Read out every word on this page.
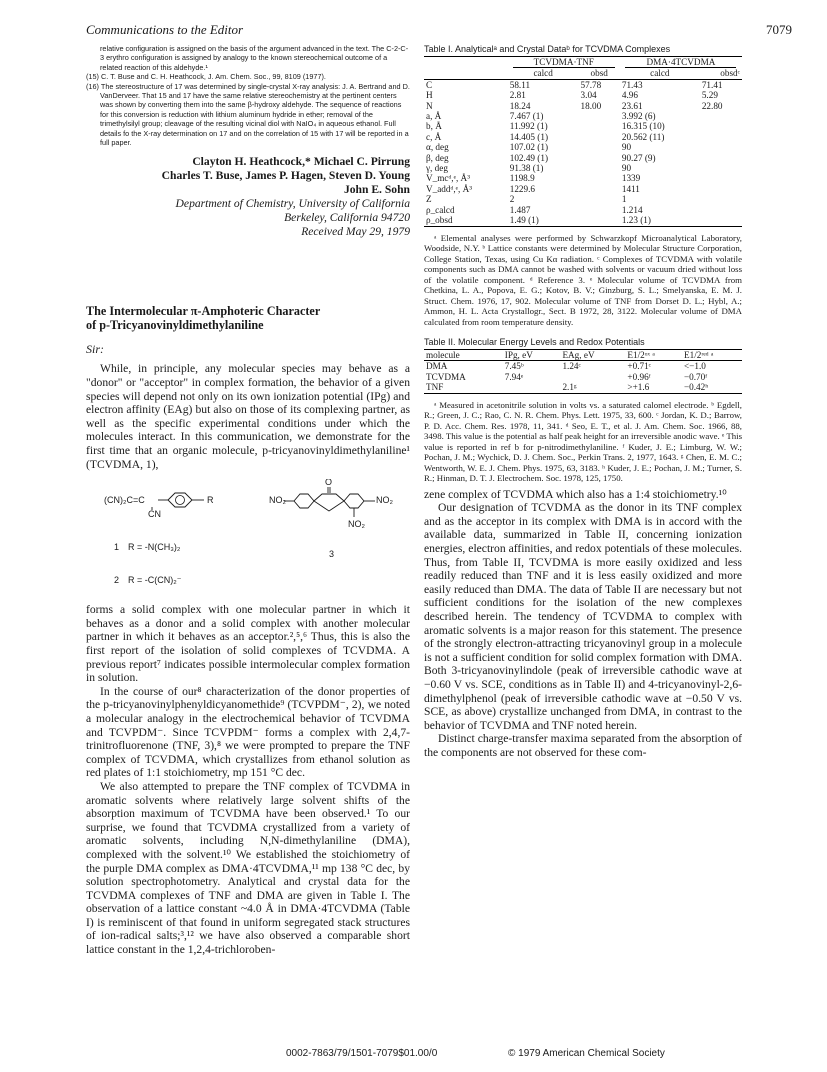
Communications to the Editor	7079

relative configuration is assigned on the basis of the argument advanced in the text. The C-2-C-3 erythro configuration is assigned by analogy to the known stereochemical outcome of a related reaction of this aldehyde.¹

(15) C. T. Buse and C. H. Heathcock, J. Am. Chem. Soc., 99, 8109 (1977).

(16) The stereostructure of 17 was determined by single-crystal X-ray analysis: J. A. Bertrand and D. VanDerveer. That 15 and 17 have the same relative stereochemistry at the pertinent centers was shown by converting them into the same β-hydroxy aldehyde. The sequence of reactions for this conversion is reduction with lithium aluminum hydride in ether; removal of the trimethylsilyl group; cleavage of the resulting vicinal diol with NaIO₄ in aqueous ethanol. Full details fo the X-ray determination on 17 and on the correlation of 15 with 17 will be reported in a full paper.

Clayton H. Heathcock,* Michael C. Pirrung
Charles T. Buse, James P. Hagen, Steven D. Young
John E. Sohn
Department of Chemistry, University of California
Berkeley, California 94720
Received May 29, 1979
The Intermolecular π-Amphoteric Character
of p-Tricyanovinyldimethylaniline
Sir:

While, in principle, any molecular species may behave as a "donor" or "acceptor" in complex formation, the behavior of a given species will depend not only on its own ionization potential (IPg) and electron affinity (EAg) but also on those of its complexing partner, as well as the specific experimental conditions under which the molecules interact. In this communication, we demonstrate for the first time that an organic molecule, p-tricyanovinyldimethylaniline¹ (TCVDMA, 1),

(CN)₂C=C
CN
R
1 R = -N(CH₃)₂
2 R = -C(CN)₂⁻
NO₂
O
NO₂
NO₂
3

forms a solid complex with one molecular partner in which it behaves as a donor and a solid complex with another molecular partner in which it behaves as an acceptor.²,⁵,⁶ Thus, this is also the first report of the isolation of solid complexes of TCVDMA. A previous report⁷ indicates possible intermolecular complex formation in solution.

In the course of our⁸ characterization of the donor properties of the p-tricyanovinylphenyldicyanomethide⁹ (TCVPDM⁻, 2), we noted a molecular analogy in the electrochemical behavior of TCVDMA and TCVPDM⁻. Since TCVPDM⁻ forms a complex with 2,4,7-trinitrofluorenone (TNF, 3),⁸ we were prompted to prepare the TNF complex of TCVDMA, which crystallizes from ethanol solution as red plates of 1:1 stoichiometry, mp 151 °C dec.

We also attempted to prepare the TNF complex of TCVDMA in aromatic solvents where relatively large solvent shifts of the absorption maximum of TCVDMA have been observed.¹ To our surprise, we found that TCVDMA crystallized from a variety of aromatic solvents, including N,N-dimethylaniline (DMA), complexed with the solvent.¹⁰ We established the stoichiometry of the purple DMA complex as DMA·4TCVDMA,¹¹ mp 138 °C dec, by solution spectrophotometry. Analytical and crystal data for the TCVDMA complexes of TNF and DMA are given in Table I. The observation of a lattice constant ~4.0 Å in DMA·4TCVDMA (Table I) is reminiscent of that found in uniform segregated stack structures of ion-radical salts;³,¹² we have also observed a comparable short lattice constant in the 1,2,4-trichloroben-

Table I. Analyticalᵃ and Crystal Dataᵇ for TCVDMA Complexes
	TCVDMA·TNF		DMA·4TCVDMA	
	calcd	obsd	calcd	obsdᶜ
C	58.11	57.78	71.43	71.41
H	2.81	3.04	4.96	5.29
N	18.24	18.00	23.61	22.80
a, Å	7.467 (1)		3.992 (6)	
b, Å	11.992 (1)		16.315 (10)	
c, Å	14.405 (1)		20.562 (11)	
α, deg	107.02 (1)		90	
β, deg	102.49 (1)		90.27 (9)	
γ, deg	91.38 (1)		90	
V_mcᵈ,ᵉ, Å³	1198.9		1339	
V_addᵈ,ᵉ, Å³	1229.6		1411	
Z	2		1	
ρ_calcd	1.487		1.214	
ρ_obsd	1.49 (1)		1.23 (1)	

ᵃ Elemental analyses were performed by Schwarzkopf Microanalytical Laboratory, Woodside, N.Y. ᵇ Lattice constants were determined by Molecular Structure Corporation, College Station, Texas, using Cu Kα radiation. ᶜ Complexes of TCVDMA with volatile components such as DMA cannot be washed with solvents or vacuum dried without loss of the volatile component. ᵈ Reference 3. ᵉ Molecular volume of TCVDMA from Chetkina, L. A., Popova, E. G.; Kotov, B. V.; Ginzburg, S. L.; Smelyanska, E. M. J. Struct. Chem. 1976, 17, 902. Molecular volume of TNF from Dorset D. L.; Hybl, A.; Ammon, H. L. Acta Crystallogr., Sect. B 1972, 28, 3122. Molecular volume of DMA calculated from room temperature density.

Table II. Molecular Energy Levels and Redox Potentials
molecule	IPg, eV	EAg, eV	E1/2ᵒˣ ᵃ	E1/2ʳᵉᵈ ᵃ
DMA	7.45ᵇ	1.24ᶜ	+0.71ᶜ	<−1.0
TCVDMA	7.94ᵉ		+0.96ᶠ	−0.70ᶠ
TNF		2.1ᵍ	>+1.6	−0.42ʰ

ᵃ Measured in acetonitrile solution in volts vs. a saturated calomel electrode. ᵇ Egdell, R.; Green, J. C.; Rao, C. N. R. Chem. Phys. Lett. 1975, 33, 600. ᶜ Jordan, K. D.; Barrow, P. D. Acc. Chem. Res. 1978, 11, 341. ᵈ Seo, E. T., et al. J. Am. Chem. Soc. 1966, 88, 3498. This value is the potential as half peak height for an irreversible anodic wave. ᵉ This value is reported in ref b for p-nitrodimethylaniline. ᶠ Kuder, J. E.; Limburg, W. W.; Pochan, J. M.; Wychick, D. J. Chem. Soc., Perkin Trans. 2, 1977, 1643. ᵍ Chen, E. M. C.; Wentworth, W. E. J. Chem. Phys. 1975, 63, 3183. ʰ Kuder, J. E.; Pochan, J. M.; Turner, S. R.; Hinman, D. T. J. Electrochem. Soc. 1978, 125, 1750.

zene complex of TCVDMA which also has a 1:4 stoichiometry.¹⁰

Our designation of TCVDMA as the donor in its TNF complex and as the acceptor in its complex with DMA is in accord with the available data, summarized in Table II, concerning ionization energies, electron affinities, and redox potentials of these molecules. Thus, from Table II, TCVDMA is more easily oxidized and less readily reduced than TNF and it is less easily oxidized and more easily reduced than DMA. The data of Table II are necessary but not sufficient conditions for the isolation of the new complexes described herein. The tendency of TCVDMA to complex with aromatic solvents is a major reason for this statement. The presence of the strongly electron-attracting tricyanovinyl group in a molecule is not a sufficient condition for solid complex formation with DMA. Both 3-tricyanovinylindole (peak of irreversible cathodic wave at −0.60 V vs. SCE, conditions as in Table II) and 4-tricyanovinyl-2,6-dimethylphenol (peak of irreversible cathodic wave at −0.50 V vs. SCE, as above) crystallize unchanged from DMA, in contrast to the behavior of TCVDMA and TNF noted herein.

Distinct charge-transfer maxima separated from the absorption of the components are not observed for these com-

0002-7863/79/1501-7079$01.00/0	© 1979 American Chemical Society
